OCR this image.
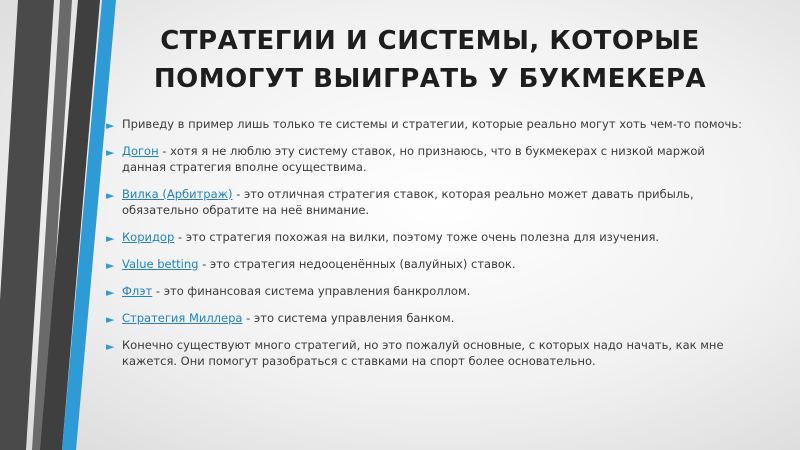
СТРАТЕГИИ И СИСТЕМЫ, КОТОРЫЕ
ПОМОГУТ ВЫИГРАТЬ У БУКМЕКЕРА
► Приведу в пример лишь только те системы и стратегии, которые реально могут хоть чем-то помочь:
► Догон - хотя я не люблю эту систему ставок, но признаюсь, что в букмекерах с низкой маржой данная стратегия вполне осуществима.
► Вилка (Арбитраж) - это отличная стратегия ставок, которая реально может давать прибыль, обязательно обратите на неё внимание.
► Коридор - это стратегия похожая на вилки, поэтому тоже очень полезна для изучения.
► Value betting - это стратегия недооценённых (валуйных) ставок.
► Флэт - это финансовая система управления банкроллом.
► Стратегия Миллера - это система управления банком.
► Конечно существуют много стратегий, но это пожалуй основные, с которых надо начать, как мне кажется. Они помогут разобраться с ставками на спорт более основательно.
